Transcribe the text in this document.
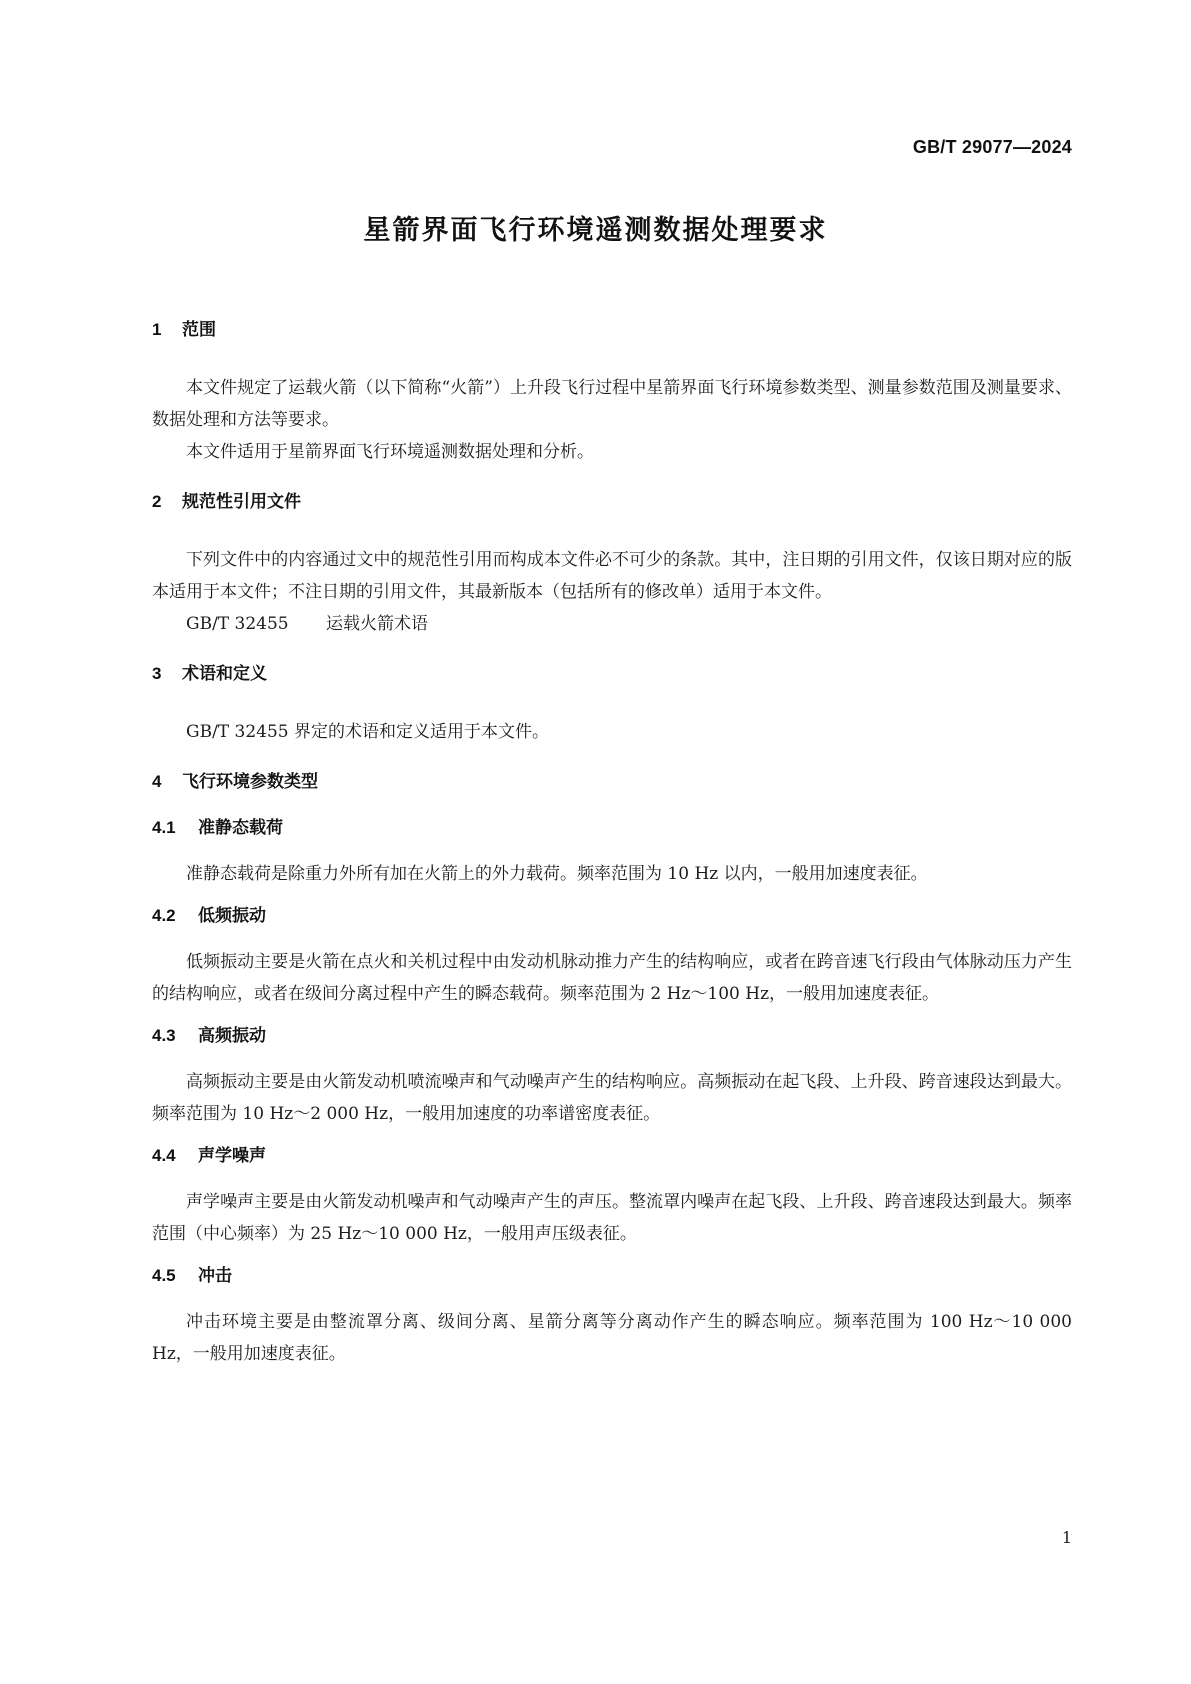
GB/T 29077—2024
星箭界面飞行环境遥测数据处理要求
1 范围

本文件规定了运载火箭（以下简称“火箭”）上升段飞行过程中星箭界面飞行环境参数类型、测量参数范围及测量要求、数据处理和方法等要求。

本文件适用于星箭界面飞行环境遥测数据处理和分析。

2 规范性引用文件

下列文件中的内容通过文中的规范性引用而构成本文件必不可少的条款。其中，注日期的引用文件，仅该日期对应的版本适用于本文件；不注日期的引用文件，其最新版本（包括所有的修改单）适用于本文件。

GB/T 32455 运载火箭术语
3 术语和定义

GB/T 32455 界定的术语和定义适用于本文件。

4 飞行环境参数类型
4.1 准静态载荷

准静态载荷是除重力外所有加在火箭上的外力载荷。频率范围为 10 Hz 以内，一般用加速度表征。

4.2 低频振动

低频振动主要是火箭在点火和关机过程中由发动机脉动推力产生的结构响应，或者在跨音速飞行段由气体脉动压力产生的结构响应，或者在级间分离过程中产生的瞬态载荷。频率范围为 2 Hz～100 Hz，一般用加速度表征。

4.3 高频振动

高频振动主要是由火箭发动机喷流噪声和气动噪声产生的结构响应。高频振动在起飞段、上升段、跨音速段达到最大。频率范围为 10 Hz～2 000 Hz，一般用加速度的功率谱密度表征。

4.4 声学噪声

声学噪声主要是由火箭发动机噪声和气动噪声产生的声压。整流罩内噪声在起飞段、上升段、跨音速段达到最大。频率范围（中心频率）为 25 Hz～10 000 Hz，一般用声压级表征。

4.5 冲击

冲击环境主要是由整流罩分离、级间分离、星箭分离等分离动作产生的瞬态响应。频率范围为 100 Hz～10 000 Hz，一般用加速度表征。

1
